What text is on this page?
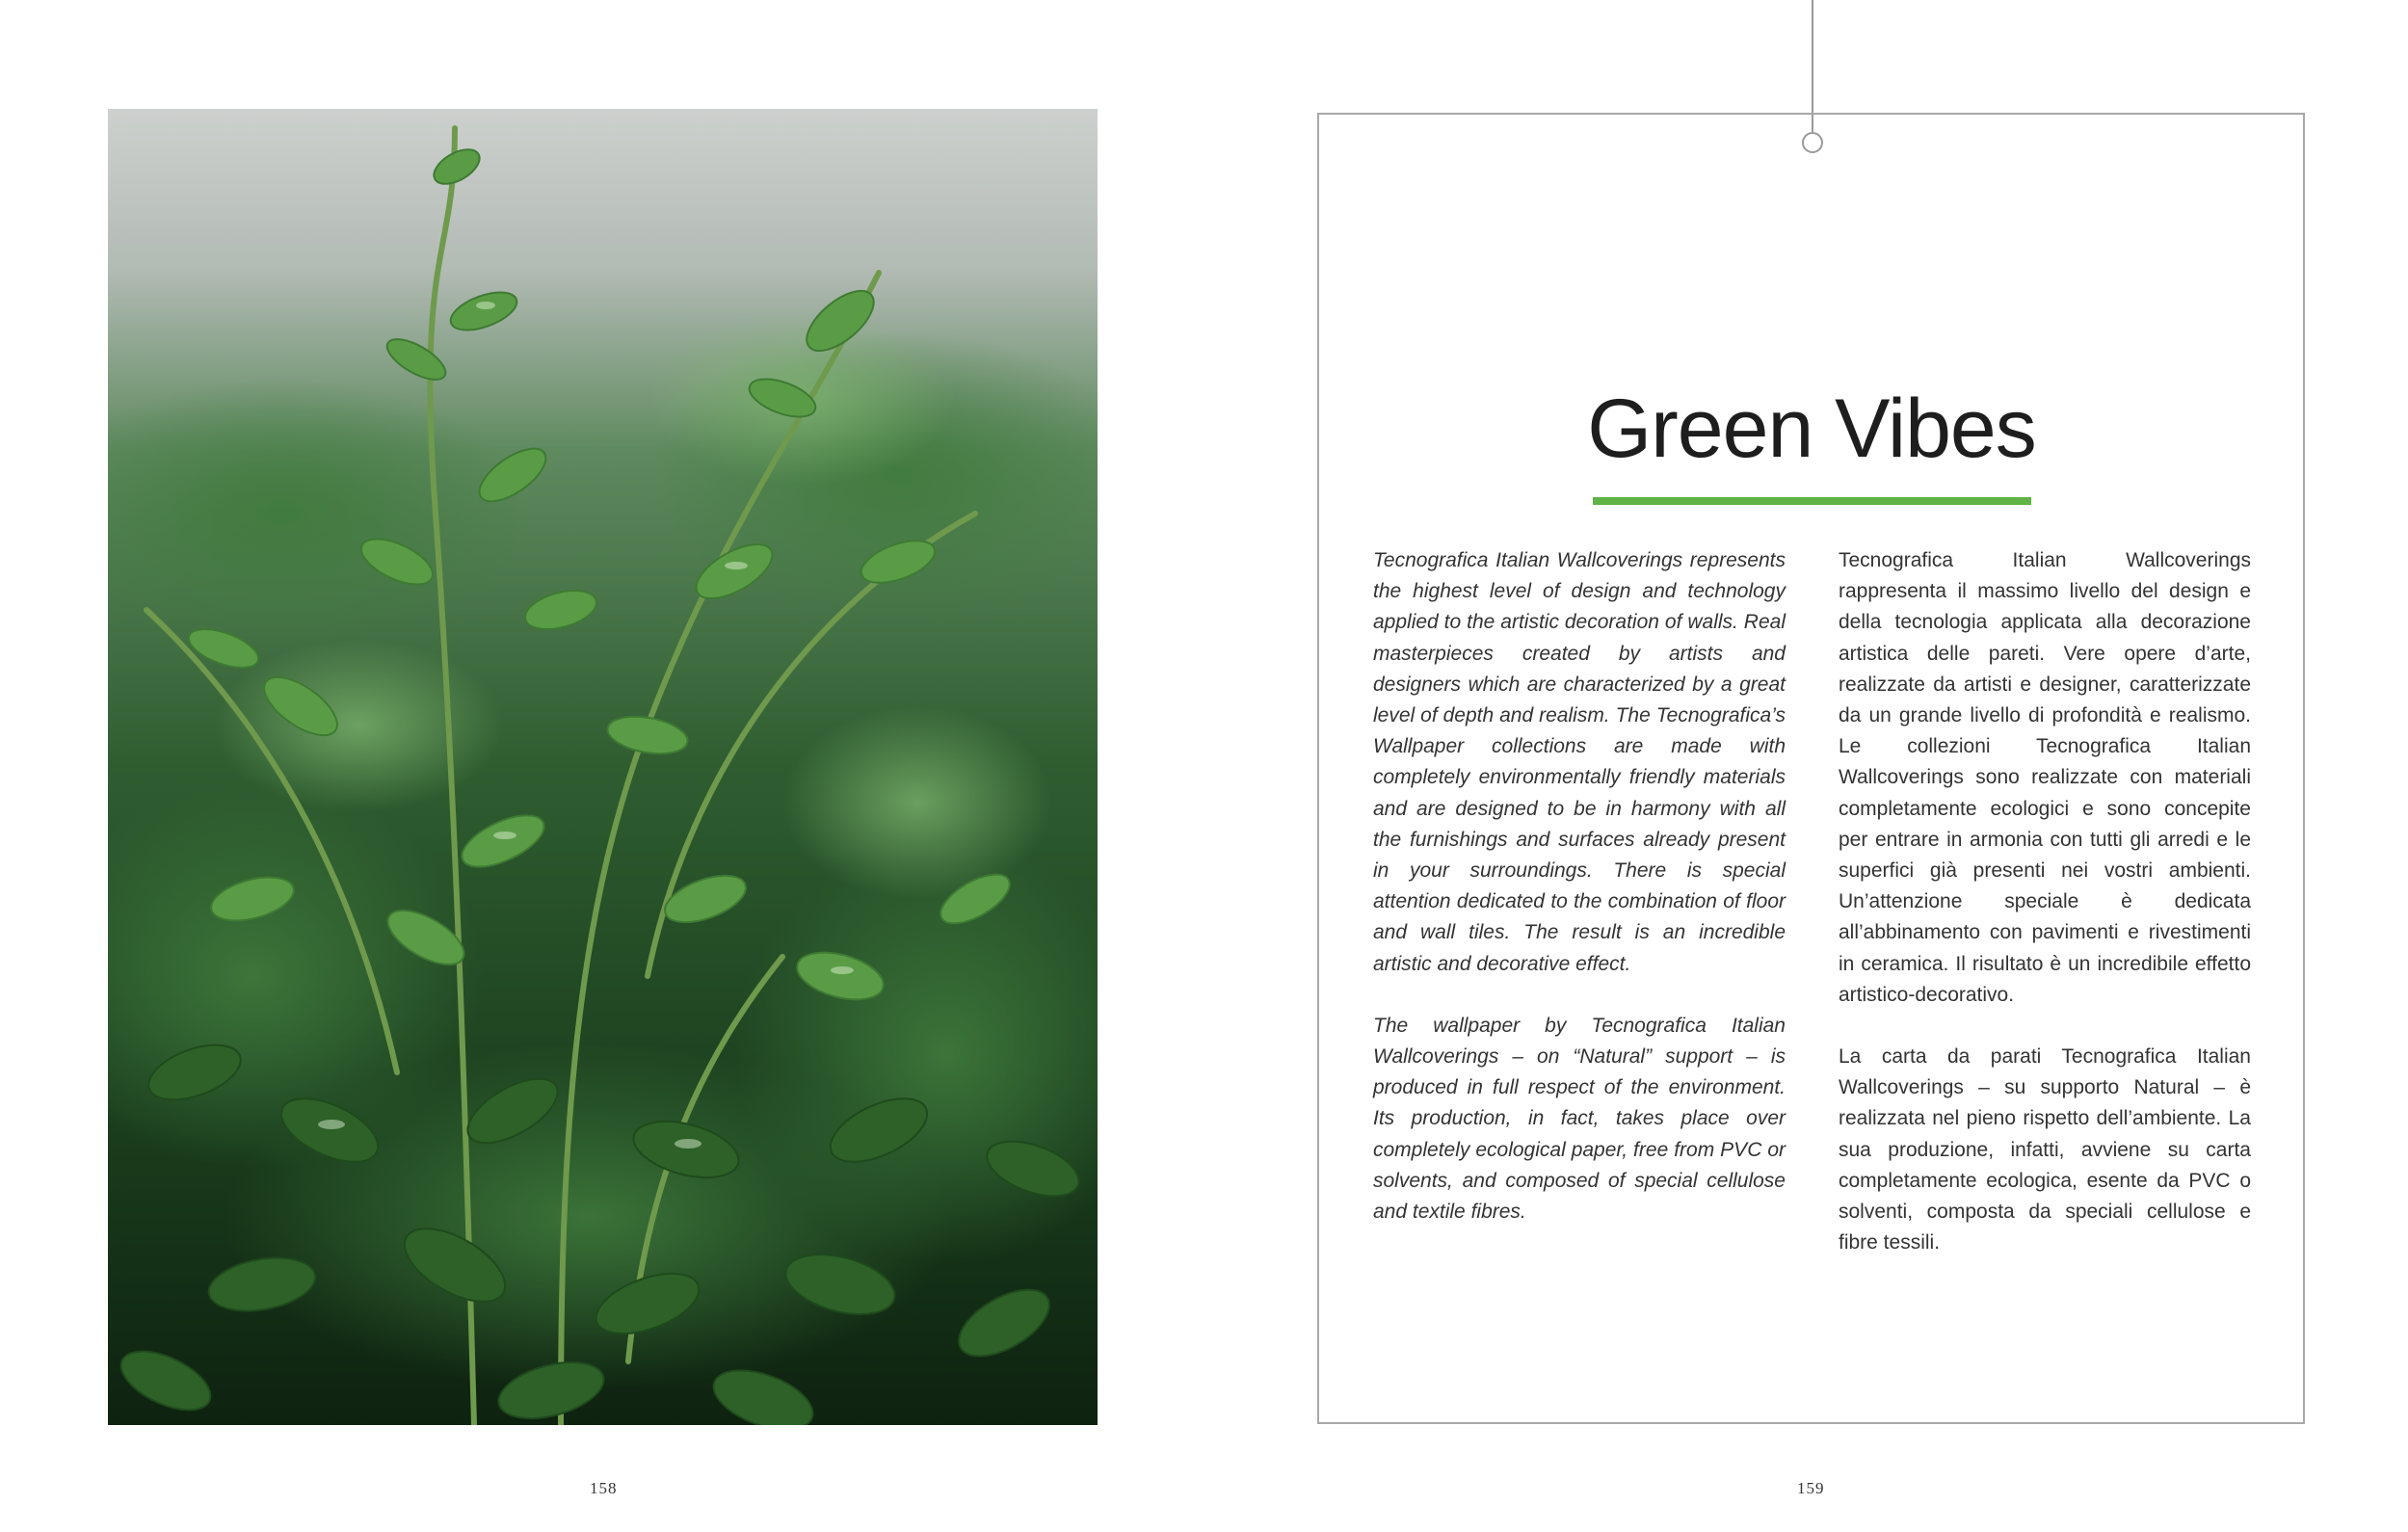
Green Vibes

Tecnografica Italian Wallcoverings represents the highest level of design and technology applied to the artistic decoration of walls. Real masterpieces created by artists and designers which are characterized by a great level of depth and realism. The Tecnografica’s Wallpaper collections are made with completely environmentally friendly materials and are designed to be in harmony with all the furnishings and surfaces already present in your surroundings. There is special attention dedicated to the combination of floor and wall tiles. The result is an incredible artistic and decorative effect.

The wallpaper by Tecnografica Italian Wallcoverings – on “Natural” support – is produced in full respect of the environment. Its production, in fact, takes place over completely ecological paper, free from PVC or solvents, and composed of special cellulose and textile fibres.

Tecnografica Italian Wallcoverings rappresenta il massimo livello del design e della tecnologia applicata alla decorazione artistica delle pareti. Vere opere d’arte, realizzate da artisti e designer, caratterizzate da un grande livello di profondità e realismo. Le collezioni Tecnografica Italian Wallcoverings sono realizzate con materiali completamente ecologici e sono concepite per entrare in armonia con tutti gli arredi e le superfici già presenti nei vostri ambienti. Un’attenzione speciale è dedicata all’abbinamento con pavimenti e rivestimenti in ceramica. Il risultato è un incredibile effetto artistico-decorativo.

La carta da parati Tecnografica Italian Wallcoverings – su supporto Natural – è realizzata nel pieno rispetto dell’ambiente. La sua produzione, infatti, avviene su carta completamente ecologica, esente da PVC o solventi, composta da speciali cellulose e fibre tessili.

158	159
